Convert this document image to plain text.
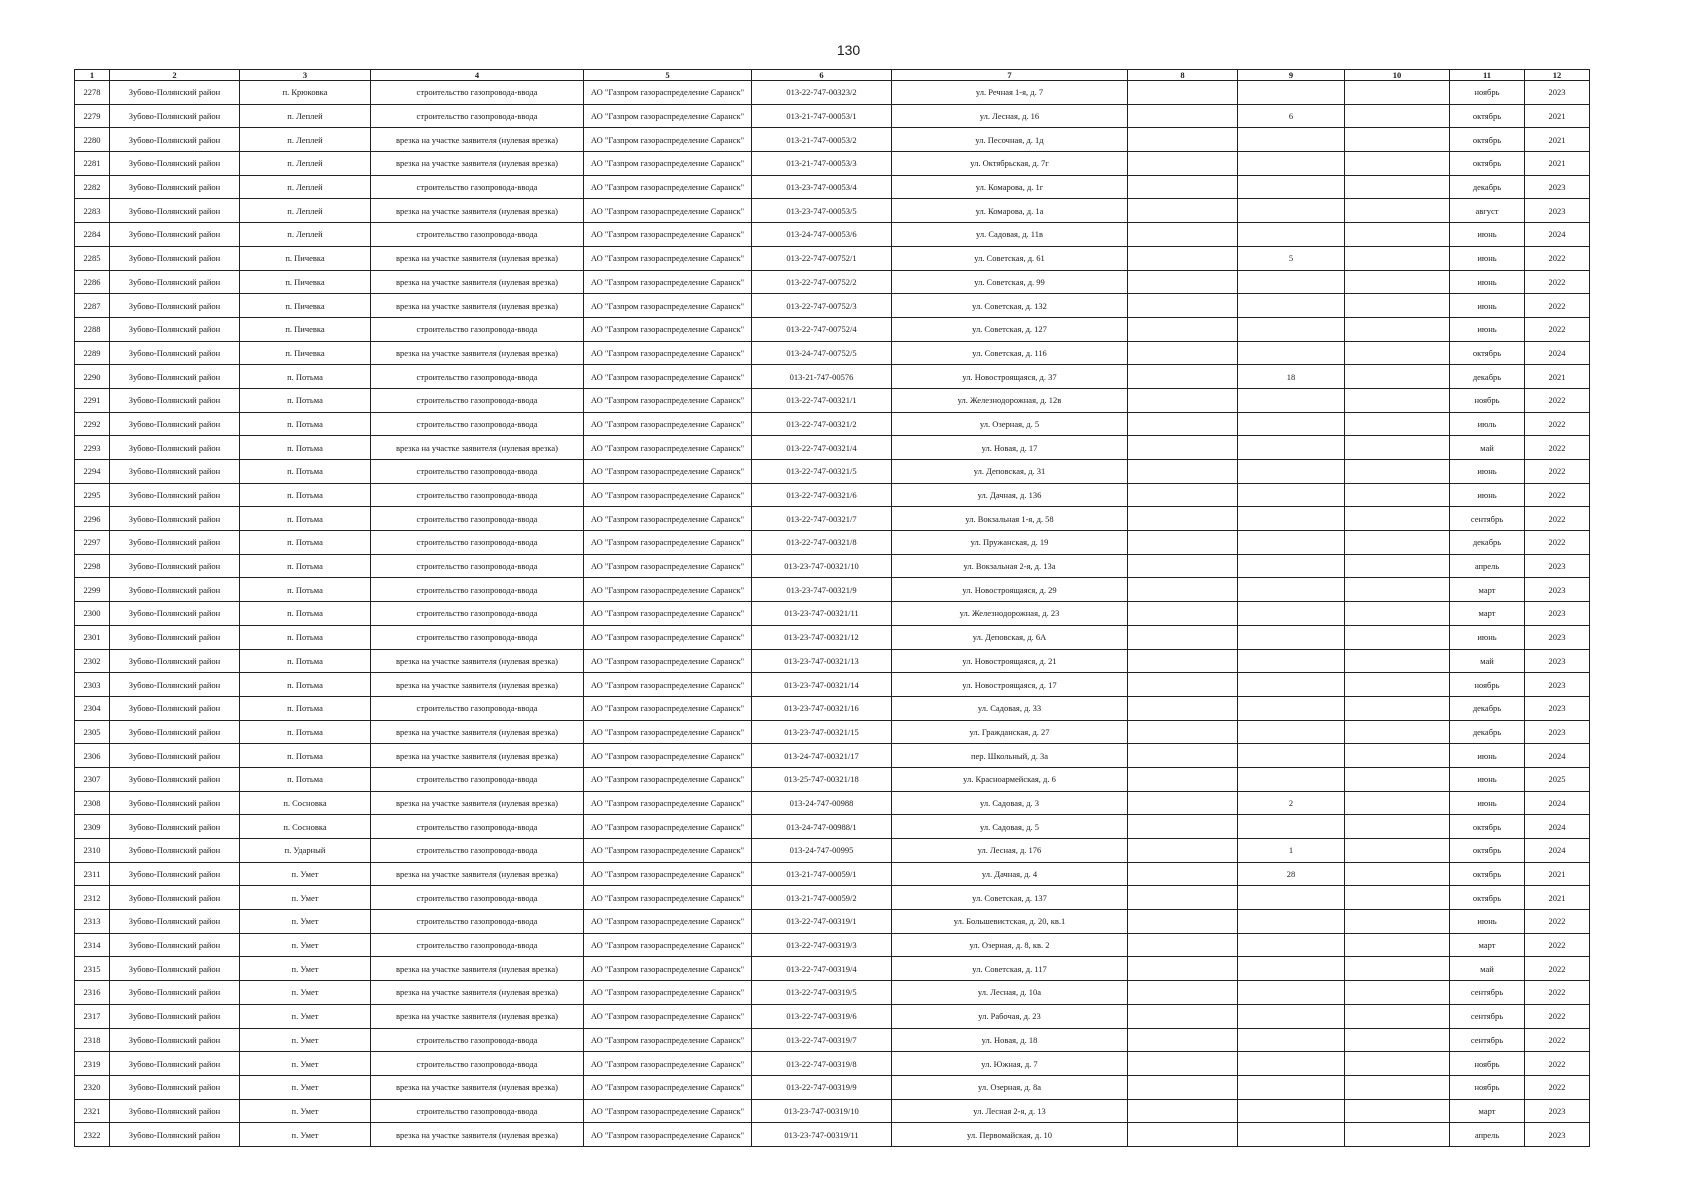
130
1	2	3	4	5	6	7	8	9	10	11	12
2278	Зубово-Полянский район	п. Крюковка	строительство газопровода-ввода	АО "Газпром газораспределение Саранск"	013-22-747-00323/2	ул. Речная 1-я, д. 7				ноябрь	2023
2279	Зубово-Полянский район	п. Леплей	строительство газопровода-ввода	АО "Газпром газораспределение Саранск"	013-21-747-00053/1	ул. Лесная, д. 16		6		октябрь	2021
2280	Зубово-Полянский район	п. Леплей	врезка на участке заявителя (нулевая врезка)	АО "Газпром газораспределение Саранск"	013-21-747-00053/2	ул. Песочная, д. 1д				октябрь	2021
2281	Зубово-Полянский район	п. Леплей	врезка на участке заявителя (нулевая врезка)	АО "Газпром газораспределение Саранск"	013-21-747-00053/3	ул. Октябрьская, д. 7г				октябрь	2021
2282	Зубово-Полянский район	п. Леплей	строительство газопровода-ввода	АО "Газпром газораспределение Саранск"	013-23-747-00053/4	ул. Комарова, д. 1г				декабрь	2023
2283	Зубово-Полянский район	п. Леплей	врезка на участке заявителя (нулевая врезка)	АО "Газпром газораспределение Саранск"	013-23-747-00053/5	ул. Комарова, д. 1а				август	2023
2284	Зубово-Полянский район	п. Леплей	строительство газопровода-ввода	АО "Газпром газораспределение Саранск"	013-24-747-00053/6	ул. Садовая, д. 11в				июнь	2024
2285	Зубово-Полянский район	п. Пичевка	врезка на участке заявителя (нулевая врезка)	АО "Газпром газораспределение Саранск"	013-22-747-00752/1	ул. Советская, д. 61		5		июнь	2022
2286	Зубово-Полянский район	п. Пичевка	врезка на участке заявителя (нулевая врезка)	АО "Газпром газораспределение Саранск"	013-22-747-00752/2	ул. Советская, д. 99				июнь	2022
2287	Зубово-Полянский район	п. Пичевка	врезка на участке заявителя (нулевая врезка)	АО "Газпром газораспределение Саранск"	013-22-747-00752/3	ул. Советская, д. 132				июнь	2022
2288	Зубово-Полянский район	п. Пичевка	строительство газопровода-ввода	АО "Газпром газораспределение Саранск"	013-22-747-00752/4	ул. Советская, д. 127				июнь	2022
2289	Зубово-Полянский район	п. Пичевка	врезка на участке заявителя (нулевая врезка)	АО "Газпром газораспределение Саранск"	013-24-747-00752/5	ул. Советская, д. 116				октябрь	2024
2290	Зубово-Полянский район	п. Потьма	строительство газопровода-ввода	АО "Газпром газораспределение Саранск"	013-21-747-00576	ул. Новостроящаяся, д. 37		18		декабрь	2021
2291	Зубово-Полянский район	п. Потьма	строительство газопровода-ввода	АО "Газпром газораспределение Саранск"	013-22-747-00321/1	ул. Железнодорожная, д. 12в				ноябрь	2022
2292	Зубово-Полянский район	п. Потьма	строительство газопровода-ввода	АО "Газпром газораспределение Саранск"	013-22-747-00321/2	ул. Озерная, д. 5				июль	2022
2293	Зубово-Полянский район	п. Потьма	врезка на участке заявителя (нулевая врезка)	АО "Газпром газораспределение Саранск"	013-22-747-00321/4	ул. Новая, д. 17				май	2022
2294	Зубово-Полянский район	п. Потьма	строительство газопровода-ввода	АО "Газпром газораспределение Саранск"	013-22-747-00321/5	ул. Деповская, д. 31				июнь	2022
2295	Зубово-Полянский район	п. Потьма	строительство газопровода-ввода	АО "Газпром газораспределение Саранск"	013-22-747-00321/6	ул. Дачная, д. 136				июнь	2022
2296	Зубово-Полянский район	п. Потьма	строительство газопровода-ввода	АО "Газпром газораспределение Саранск"	013-22-747-00321/7	ул. Вокзальная 1-я, д. 58				сентябрь	2022
2297	Зубово-Полянский район	п. Потьма	строительство газопровода-ввода	АО "Газпром газораспределение Саранск"	013-22-747-00321/8	ул. Пружанская, д. 19				декабрь	2022
2298	Зубово-Полянский район	п. Потьма	строительство газопровода-ввода	АО "Газпром газораспределение Саранск"	013-23-747-00321/10	ул. Вокзальная 2-я, д. 13а				апрель	2023
2299	Зубово-Полянский район	п. Потьма	строительство газопровода-ввода	АО "Газпром газораспределение Саранск"	013-23-747-00321/9	ул. Новостроящаяся, д. 29				март	2023
2300	Зубово-Полянский район	п. Потьма	строительство газопровода-ввода	АО "Газпром газораспределение Саранск"	013-23-747-00321/11	ул. Железнодорожная, д. 23				март	2023
2301	Зубово-Полянский район	п. Потьма	строительство газопровода-ввода	АО "Газпром газораспределение Саранск"	013-23-747-00321/12	ул. Деповская, д. 6А				июнь	2023
2302	Зубово-Полянский район	п. Потьма	врезка на участке заявителя (нулевая врезка)	АО "Газпром газораспределение Саранск"	013-23-747-00321/13	ул. Новостроящаяся, д. 21				май	2023
2303	Зубово-Полянский район	п. Потьма	врезка на участке заявителя (нулевая врезка)	АО "Газпром газораспределение Саранск"	013-23-747-00321/14	ул. Новостроящаяся, д. 17				ноябрь	2023
2304	Зубово-Полянский район	п. Потьма	строительство газопровода-ввода	АО "Газпром газораспределение Саранск"	013-23-747-00321/16	ул. Садовая, д. 33				декабрь	2023
2305	Зубово-Полянский район	п. Потьма	врезка на участке заявителя (нулевая врезка)	АО "Газпром газораспределение Саранск"	013-23-747-00321/15	ул. Гражданская, д. 27				декабрь	2023
2306	Зубово-Полянский район	п. Потьма	врезка на участке заявителя (нулевая врезка)	АО "Газпром газораспределение Саранск"	013-24-747-00321/17	пер. Школьный, д. 3а				июнь	2024
2307	Зубово-Полянский район	п. Потьма	строительство газопровода-ввода	АО "Газпром газораспределение Саранск"	013-25-747-00321/18	ул. Красноармейская, д. 6				июнь	2025
2308	Зубово-Полянский район	п. Сосновка	врезка на участке заявителя (нулевая врезка)	АО "Газпром газораспределение Саранск"	013-24-747-00988	ул. Садовая, д. 3		2		июнь	2024
2309	Зубово-Полянский район	п. Сосновка	строительство газопровода-ввода	АО "Газпром газораспределение Саранск"	013-24-747-00988/1	ул. Садовая, д. 5				октябрь	2024
2310	Зубово-Полянский район	п. Ударный	строительство газопровода-ввода	АО "Газпром газораспределение Саранск"	013-24-747-00995	ул. Лесная, д. 176		1		октябрь	2024
2311	Зубово-Полянский район	п. Умет	врезка на участке заявителя (нулевая врезка)	АО "Газпром газораспределение Саранск"	013-21-747-00059/1	ул. Дачная, д. 4		28		октябрь	2021
2312	Зубово-Полянский район	п. Умет	строительство газопровода-ввода	АО "Газпром газораспределение Саранск"	013-21-747-00059/2	ул. Советская, д. 137				октябрь	2021
2313	Зубово-Полянский район	п. Умет	строительство газопровода-ввода	АО "Газпром газораспределение Саранск"	013-22-747-00319/1	ул. Большевистская, д. 20, кв.1				июнь	2022
2314	Зубово-Полянский район	п. Умет	строительство газопровода-ввода	АО "Газпром газораспределение Саранск"	013-22-747-00319/3	ул. Озерная, д. 8, кв. 2				март	2022
2315	Зубово-Полянский район	п. Умет	врезка на участке заявителя (нулевая врезка)	АО "Газпром газораспределение Саранск"	013-22-747-00319/4	ул. Советская, д. 117				май	2022
2316	Зубово-Полянский район	п. Умет	врезка на участке заявителя (нулевая врезка)	АО "Газпром газораспределение Саранск"	013-22-747-00319/5	ул. Лесная, д. 10а				сентябрь	2022
2317	Зубово-Полянский район	п. Умет	врезка на участке заявителя (нулевая врезка)	АО "Газпром газораспределение Саранск"	013-22-747-00319/6	ул. Рабочая, д. 23				сентябрь	2022
2318	Зубово-Полянский район	п. Умет	строительство газопровода-ввода	АО "Газпром газораспределение Саранск"	013-22-747-00319/7	ул. Новая, д. 18				сентябрь	2022
2319	Зубово-Полянский район	п. Умет	строительство газопровода-ввода	АО "Газпром газораспределение Саранск"	013-22-747-00319/8	ул. Южная, д. 7				ноябрь	2022
2320	Зубово-Полянский район	п. Умет	врезка на участке заявителя (нулевая врезка)	АО "Газпром газораспределение Саранск"	013-22-747-00319/9	ул. Озерная, д. 8а				ноябрь	2022
2321	Зубово-Полянский район	п. Умет	строительство газопровода-ввода	АО "Газпром газораспределение Саранск"	013-23-747-00319/10	ул. Лесная 2-я, д. 13				март	2023
2322	Зубово-Полянский район	п. Умет	врезка на участке заявителя (нулевая врезка)	АО "Газпром газораспределение Саранск"	013-23-747-00319/11	ул. Первомайская, д. 10				апрель	2023
